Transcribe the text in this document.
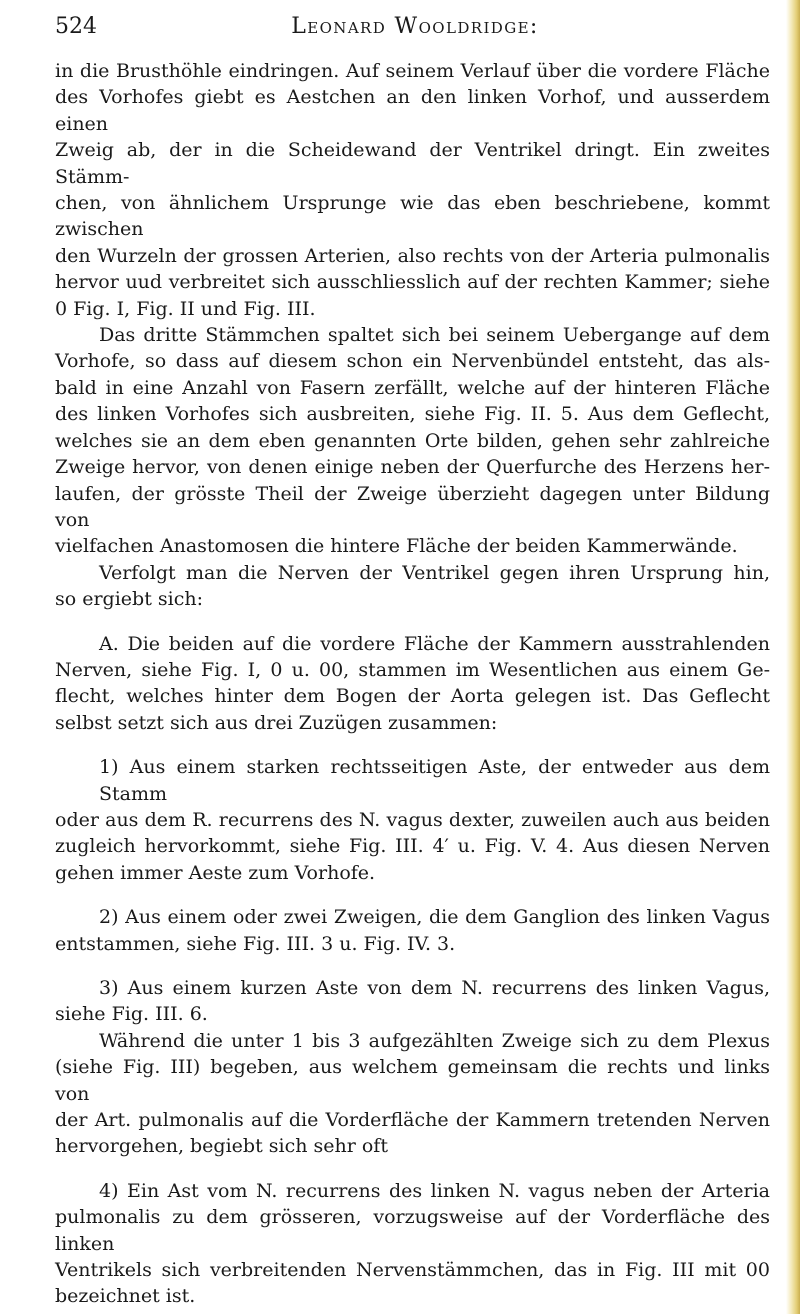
524	Leonard Wooldridge:

in die Brusthöhle eindringen. Auf seinem Verlauf über die vordere Fläche
des Vorhofes giebt es Aestchen an den linken Vorhof, und ausserdem einen
Zweig ab, der in die Scheidewand der Ventrikel dringt. Ein zweites Stämm-
chen, von ähnlichem Ursprunge wie das eben beschriebene, kommt zwischen
den Wurzeln der grossen Arterien, also rechts von der Arteria pulmonalis
hervor uud verbreitet sich ausschliesslich auf der rechten Kammer; siehe
0 Fig. I, Fig. II und Fig. III.

Das dritte Stämmchen spaltet sich bei seinem Uebergange auf dem
Vorhofe, so dass auf diesem schon ein Nervenbündel entsteht, das als-
bald in eine Anzahl von Fasern zerfällt, welche auf der hinteren Fläche
des linken Vorhofes sich ausbreiten, siehe Fig. II. 5. Aus dem Geflecht,
welches sie an dem eben genannten Orte bilden, gehen sehr zahlreiche
Zweige hervor, von denen einige neben der Querfurche des Herzens her-
laufen, der grösste Theil der Zweige überzieht dagegen unter Bildung von
vielfachen Anastomosen die hintere Fläche der beiden Kammerwände.

Verfolgt man die Nerven der Ventrikel gegen ihren Ursprung hin,
so ergiebt sich:

A. Die beiden auf die vordere Fläche der Kammern ausstrahlenden
Nerven, siehe Fig. I, 0 u. 00, stammen im Wesentlichen aus einem Ge-
flecht, welches hinter dem Bogen der Aorta gelegen ist. Das Geflecht
selbst setzt sich aus drei Zuzügen zusammen:

1) Aus einem starken rechtsseitigen Aste, der entweder aus dem Stamm
oder aus dem R. recurrens des N. vagus dexter, zuweilen auch aus beiden
zugleich hervorkommt, siehe Fig. III. 4′ u. Fig. V. 4. Aus diesen Nerven
gehen immer Aeste zum Vorhofe.

2) Aus einem oder zwei Zweigen, die dem Ganglion des linken Vagus
entstammen, siehe Fig. III. 3 u. Fig. IV. 3.

3) Aus einem kurzen Aste von dem N. recurrens des linken Vagus,
siehe Fig. III. 6.

Während die unter 1 bis 3 aufgezählten Zweige sich zu dem Plexus
(siehe Fig. III) begeben, aus welchem gemeinsam die rechts und links von
der Art. pulmonalis auf die Vorderfläche der Kammern tretenden Nerven
hervorgehen, begiebt sich sehr oft

4) Ein Ast vom N. recurrens des linken N. vagus neben der Arteria
pulmonalis zu dem grösseren, vorzugsweise auf der Vorderfläche des linken
Ventrikels sich verbreitenden Nervenstämmchen, das in Fig. III mit 00
bezeichnet ist.
